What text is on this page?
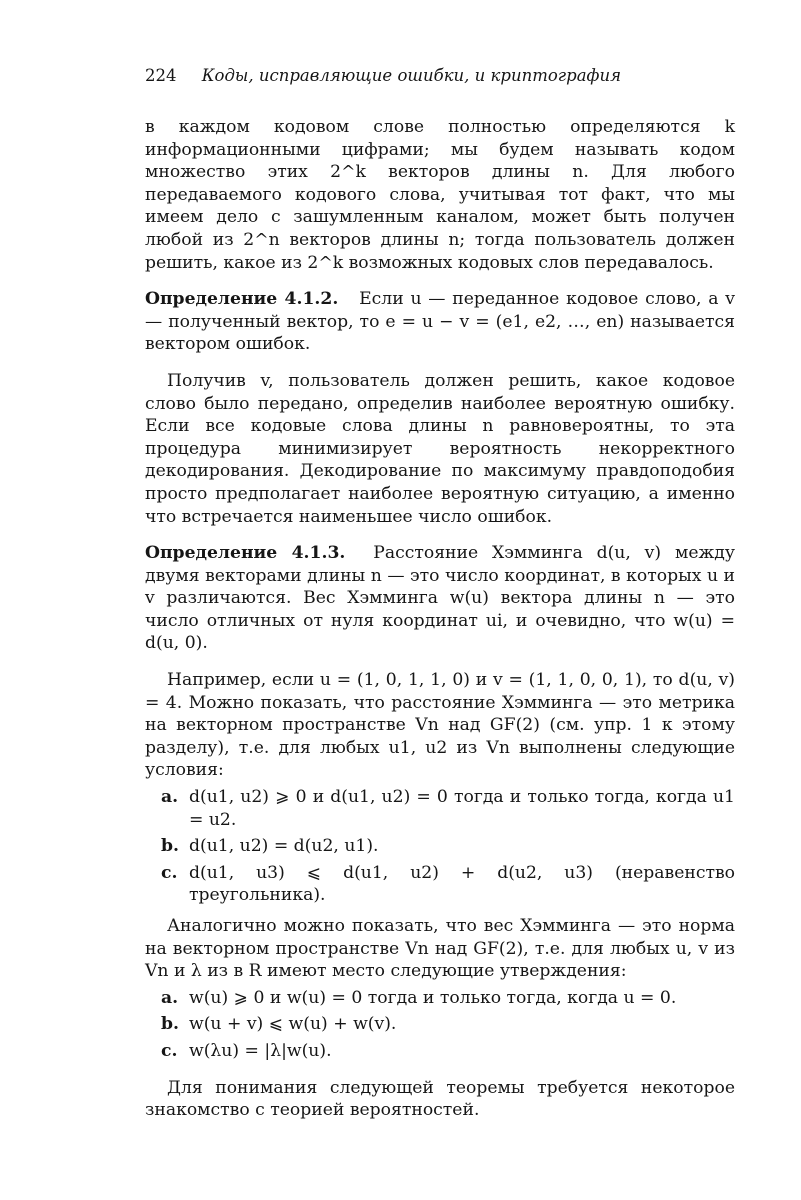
224 Коды, исправляющие ошибки, и криптография

в каждом кодовом слове полностью определяются k информационными цифрами; мы будем называть кодом множество этих 2^k векторов длины n. Для любого передаваемого кодового слова, учитывая тот факт, что мы имеем дело с зашумленным каналом, может быть получен любой из 2^n векторов длины n; тогда пользователь должен решить, какое из 2^k возможных кодовых слов передавалось.

Определение 4.1.2. Если u — переданное кодовое слово, а v — полученный вектор, то e = u − v = (e1, e2, …, en) называется вектором ошибок.

Получив v, пользователь должен решить, какое кодовое слово было передано, определив наиболее вероятную ошибку. Если все кодовые слова длины n равновероятны, то эта процедура минимизирует вероятность некорректного декодирования. Декодирование по максимуму правдоподобия просто предполагает наиболее вероятную ситуацию, а именно что встречается наименьшее число ошибок.

Определение 4.1.3. Расстояние Хэмминга d(u, v) между двумя векторами длины n — это число координат, в которых u и v различаются. Вес Хэмминга w(u) вектора длины n — это число отличных от нуля координат ui, и очевидно, что w(u) = d(u, 0).

Например, если u = (1, 0, 1, 1, 0) и v = (1, 1, 0, 0, 1), то d(u, v) = 4. Можно показать, что расстояние Хэмминга — это метрика на векторном пространстве Vn над GF(2) (см. упр. 1 к этому разделу), т.е. для любых u1, u2 из Vn выполнены следующие условия:

a. d(u1, u2) ⩾ 0 и d(u1, u2) = 0 тогда и только тогда, когда u1 = u2.
b. d(u1, u2) = d(u2, u1).
c. d(u1, u3) ⩽ d(u1, u2) + d(u2, u3) (неравенство треугольника).

Аналогично можно показать, что вес Хэмминга — это норма на векторном пространстве Vn над GF(2), т.е. для любых u, v из Vn и λ из в R имеют место следующие утверждения:

a. w(u) ⩾ 0 и w(u) = 0 тогда и только тогда, когда u = 0.
b. w(u + v) ⩽ w(u) + w(v).
c. w(λu) = |λ|w(u).

Для понимания следующей теоремы требуется некоторое знакомство с теорией вероятностей.
